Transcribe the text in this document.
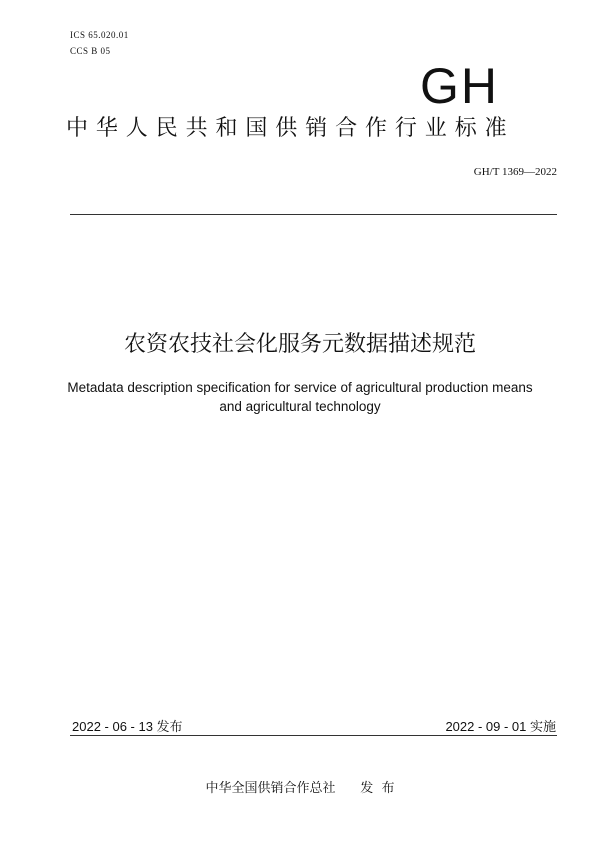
ICS 65.020.01
CCS B 05
GH
中华人民共和国供销合作行业标准
GH/T 1369—2022
农资农技社会化服务元数据描述规范
Metadata description specification for service of agricultural production means and agricultural technology
2022 - 06 - 13 发布	2022 - 09 - 01 实施
中华全国供销合作总社      发  布
